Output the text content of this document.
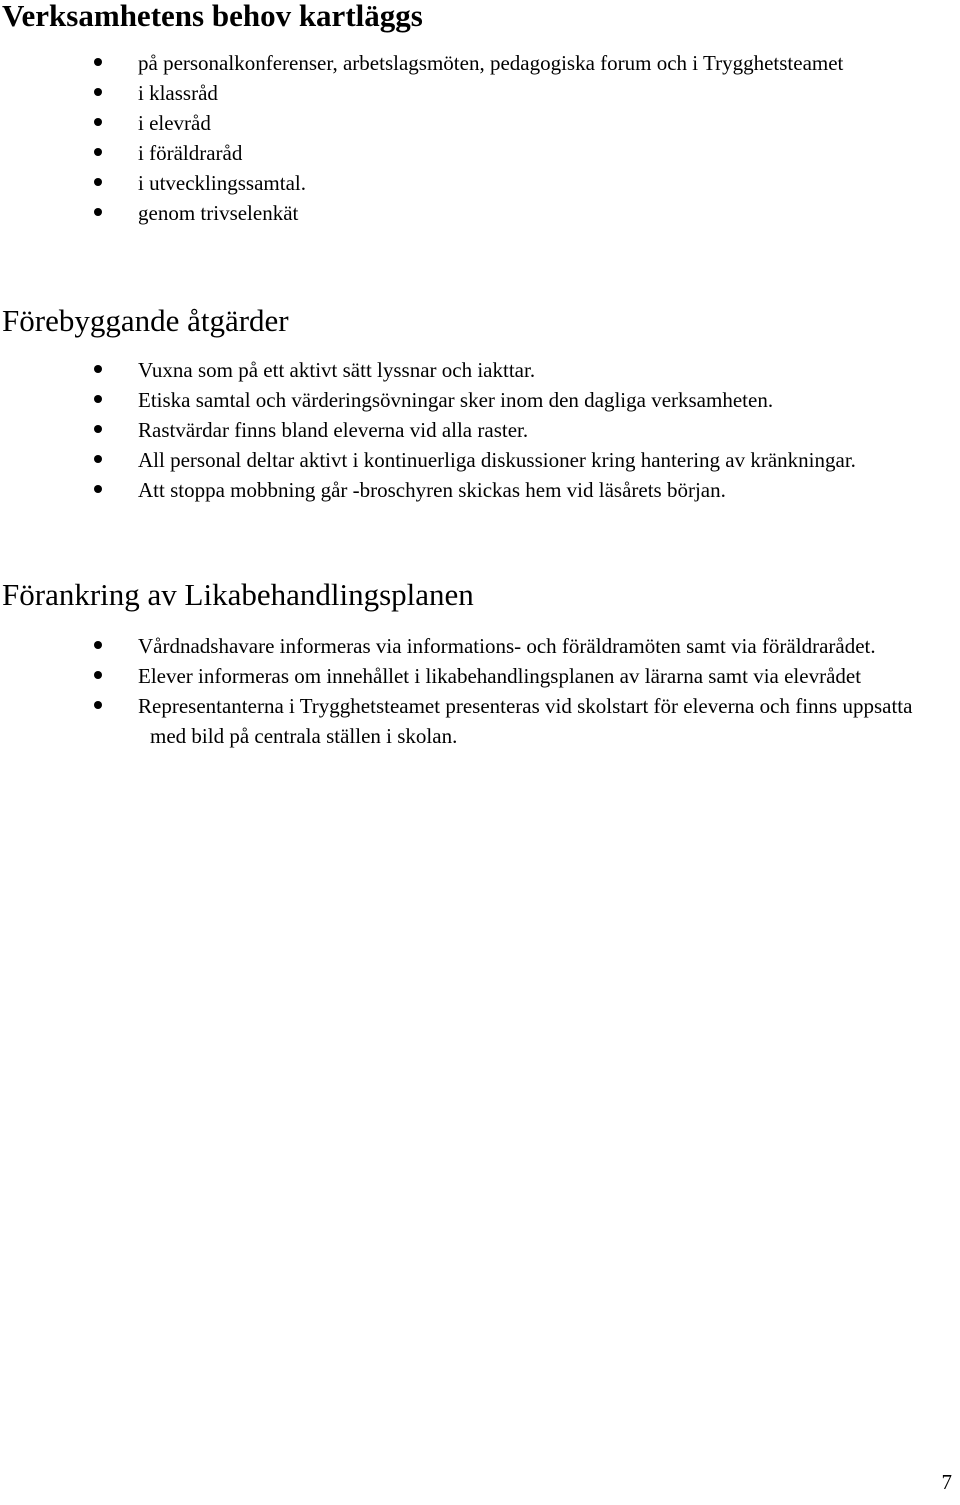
Verksamhetens behov kartläggs
på personalkonferenser, arbetslagsmöten, pedagogiska forum och i Trygghetsteamet
i klassråd
i elevråd
i föräldraråd
i utvecklingssamtal.
genom trivselenkät
Förebyggande åtgärder
Vuxna som på ett aktivt sätt lyssnar och iakttar.
Etiska samtal och värderingsövningar sker inom den dagliga verksamheten.
Rastvärdar finns bland eleverna vid alla raster.
All personal deltar aktivt i kontinuerliga diskussioner kring hantering av kränkningar.
Att stoppa mobbning går -broschyren skickas hem vid läsårets början.
Förankring av Likabehandlingsplanen
Vårdnadshavare informeras via informations- och föräldramöten samt via föräldrarådet.
Elever informeras om innehållet i likabehandlingsplanen av lärarna samt via elevrådet
Representanterna i Trygghetsteamet presenteras vid skolstart för eleverna och finns uppsatta med bild på centrala ställen i skolan.
7
